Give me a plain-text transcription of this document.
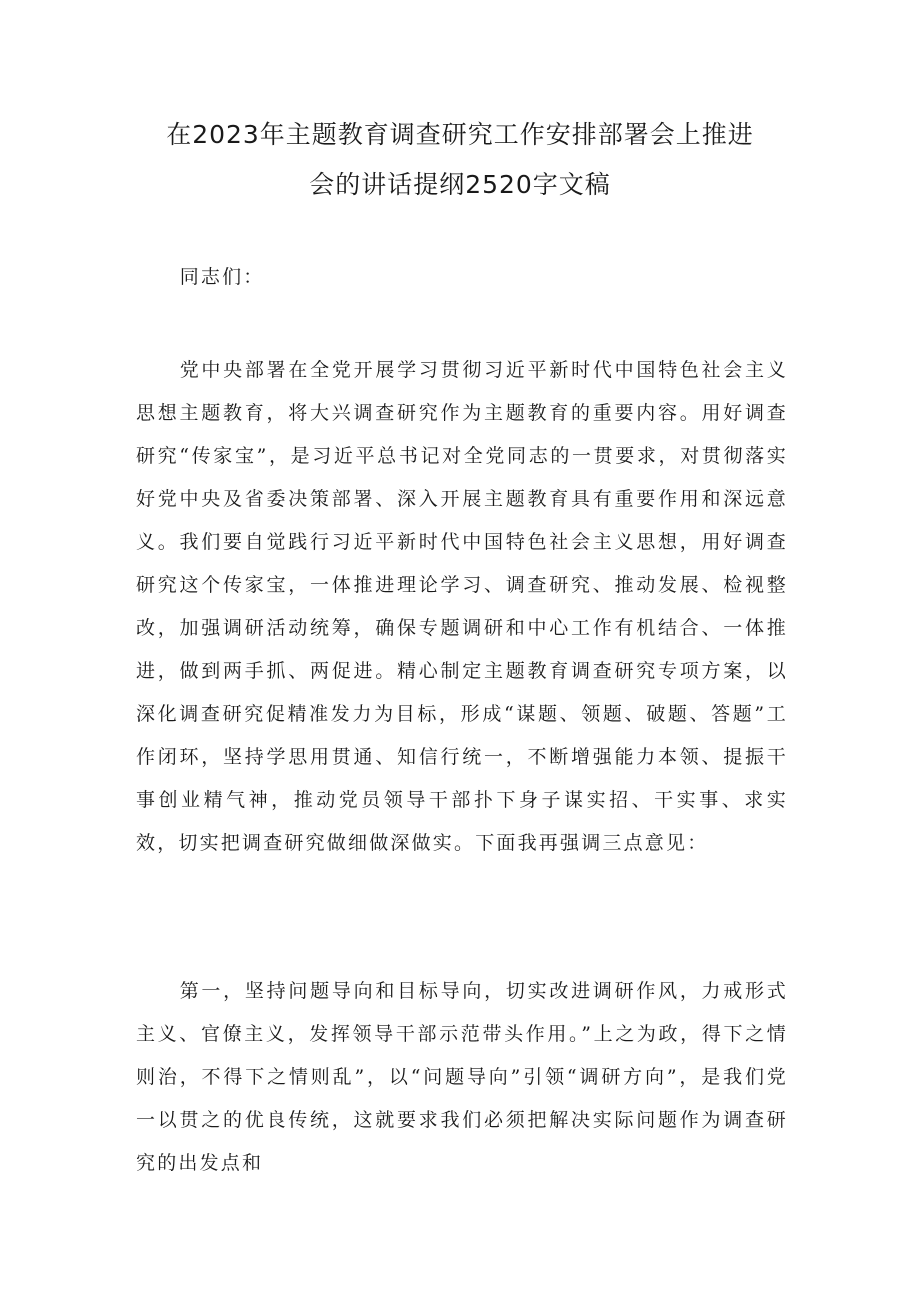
在2023年主题教育调查研究工作安排部署会上推进
会的讲话提纲2520字文稿

同志们：

党中央部署在全党开展学习贯彻习近平新时代中国特色社会主义思想主题教育，将大兴调查研究作为主题教育的重要内容。用好调查研究“传家宝”，是习近平总书记对全党同志的一贯要求，对贯彻落实好党中央及省委决策部署、深入开展主题教育具有重要作用和深远意义。我们要自觉践行习近平新时代中国特色社会主义思想，用好调查研究这个传家宝，一体推进理论学习、调查研究、推动发展、检视整改，加强调研活动统筹，确保专题调研和中心工作有机结合、一体推进，做到两手抓、两促进。精心制定主题教育调查研究专项方案，以深化调查研究促精准发力为目标，形成“谋题、领题、破题、答题”工作闭环，坚持学思用贯通、知信行统一，不断增强能力本领、提振干事创业精气神，推动党员领导干部扑下身子谋实招、干实事、求实效，切实把调查研究做细做深做实。下面我再强调三点意见：

第一，坚持问题导向和目标导向，切实改进调研作风，力戒形式主义、官僚主义，发挥领导干部示范带头作用。”上之为政，得下之情则治，不得下之情则乱”，以“问题导向”引领“调研方向”，是我们党一以贯之的优良传统，这就要求我们必须把解决实际问题作为调查研究的出发点和
